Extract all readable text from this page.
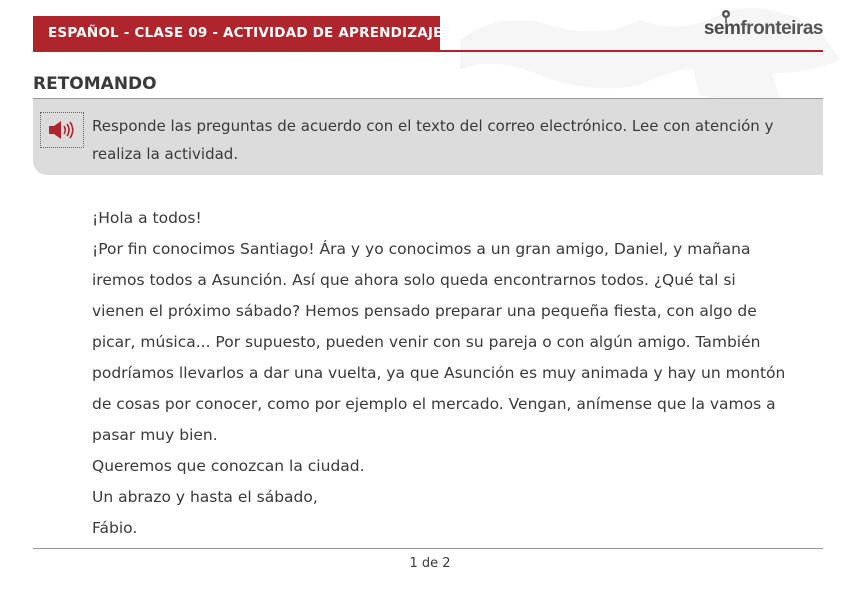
ESPAÑOL - CLASE 09 - ACTIVIDAD DE APRENDIZAJE	sem
fronteiras
RETOMANDO
Responde las preguntas de acuerdo con el texto del correo electrónico. Lee con atención y realiza la actividad.

¡Hola a todos!

¡Por fin conocimos Santiago! Ára y yo conocimos a un gran amigo, Daniel, y mañana iremos todos a Asunción. Así que ahora solo queda encontrarnos todos. ¿Qué tal si vienen el próximo sábado? Hemos pensado preparar una pequeña fiesta, con algo de picar, música... Por supuesto, pueden venir con su pareja o con algún amigo. También podríamos llevarlos a dar una vuelta, ya que Asunción es muy animada y hay un montón de cosas por conocer, como por ejemplo el mercado. Vengan, anímense que la vamos a pasar muy bien.

Queremos que conozcan la ciudad.

Un abrazo y hasta el sábado,

Fábio.

1 de 2
